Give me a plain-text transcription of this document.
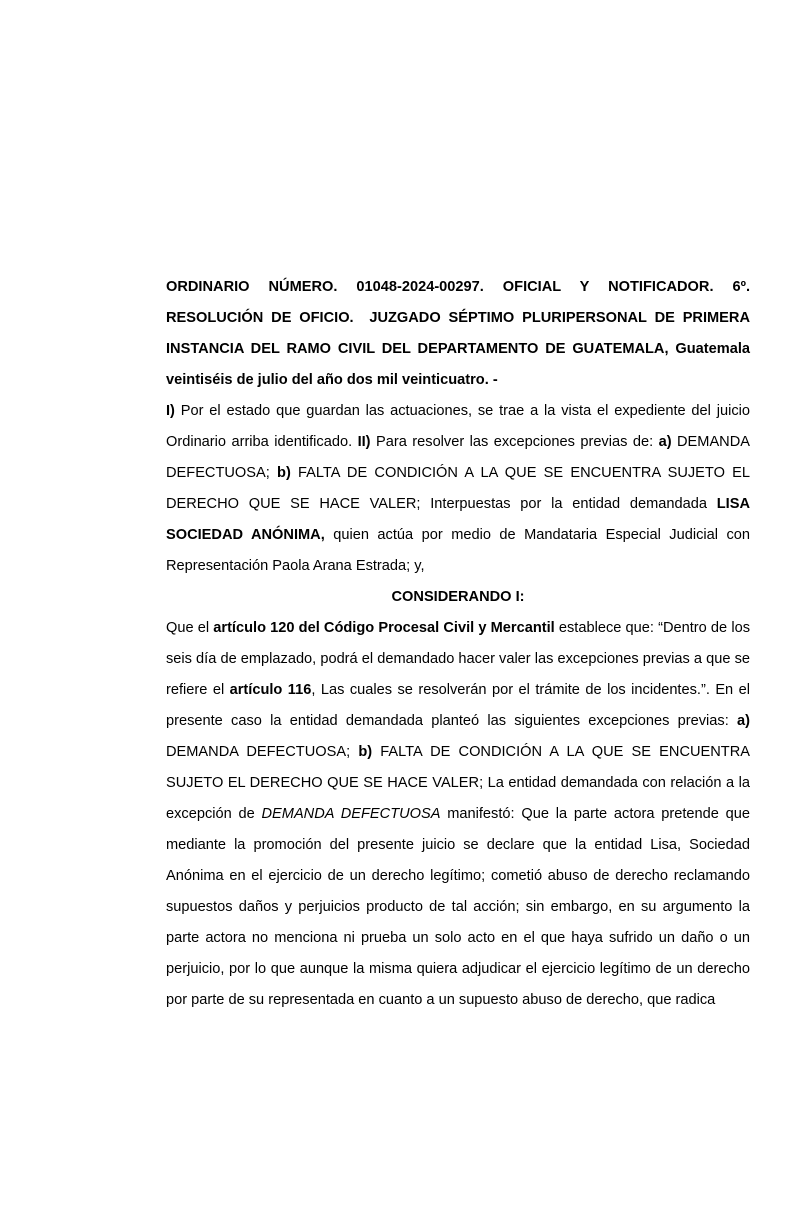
ORDINARIO NÚMERO. 01048-2024-00297. OFICIAL Y NOTIFICADOR. 6º. RESOLUCIÓN DE OFICIO.  JUZGADO SÉPTIMO PLURIPERSONAL DE PRIMERA INSTANCIA DEL RAMO CIVIL DEL DEPARTAMENTO DE GUATEMALA, Guatemala veintiséis de julio del año dos mil veinticuatro. -

I) Por el estado que guardan las actuaciones, se trae a la vista el expediente del juicio Ordinario arriba identificado. II) Para resolver las excepciones previas de: a) DEMANDA DEFECTUOSA; b) FALTA DE CONDICIÓN A LA QUE SE ENCUENTRA SUJETO EL DERECHO QUE SE HACE VALER; Interpuestas por la entidad demandada LISA SOCIEDAD ANÓNIMA, quien actúa por medio de Mandataria Especial Judicial con Representación Paola Arana Estrada; y,

CONSIDERANDO I:

Que el artículo 120 del Código Procesal Civil y Mercantil establece que: “Dentro de los seis día de emplazado, podrá el demandado hacer valer las excepciones previas a que se refiere el artículo 116, Las cuales se resolverán por el trámite de los incidentes.”. En el presente caso la entidad demandada planteó las siguientes excepciones previas: a) DEMANDA DEFECTUOSA; b) FALTA DE CONDICIÓN A LA QUE SE ENCUENTRA SUJETO EL DERECHO QUE SE HACE VALER; La entidad demandada con relación a la excepción de DEMANDA DEFECTUOSA manifestó: Que la parte actora pretende que mediante la promoción del presente juicio se declare que la entidad Lisa, Sociedad Anónima en el ejercicio de un derecho legítimo; cometió abuso de derecho reclamando supuestos daños y perjuicios producto de tal acción; sin embargo, en su argumento la parte actora no menciona ni prueba un solo acto en el que haya sufrido un daño o un perjuicio, por lo que aunque la misma quiera adjudicar el ejercicio legítimo de un derecho por parte de su representada en cuanto a un supuesto abuso de derecho, que radica
